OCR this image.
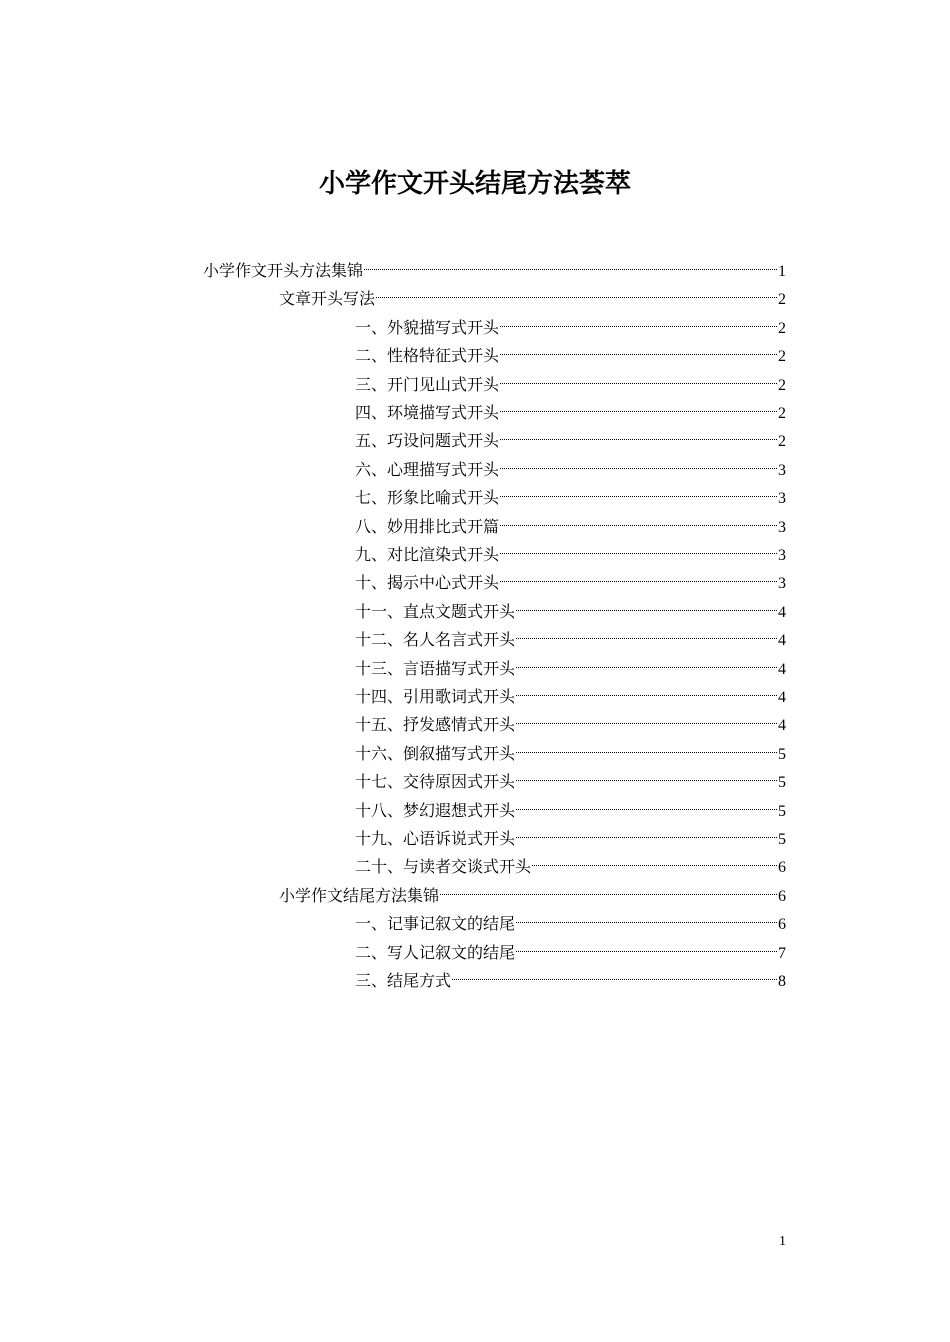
小学作文开头结尾方法荟萃
小学作文开头方法集锦	1
文章开头写法	2
一、外貌描写式开头	2
二、性格特征式开头	2
三、开门见山式开头	2
四、环境描写式开头	2
五、巧设问题式开头	2
六、心理描写式开头	3
七、形象比喻式开头	3
八、妙用排比式开篇	3
九、对比渲染式开头	3
十、揭示中心式开头	3
十一、直点文题式开头	4
十二、名人名言式开头	4
十三、言语描写式开头	4
十四、引用歌词式开头	4
十五、抒发感情式开头	4
十六、倒叙描写式开头	5
十七、交待原因式开头	5
十八、梦幻遐想式开头	5
十九、心语诉说式开头	5
二十、与读者交谈式开头	6
小学作文结尾方法集锦	6
一、记事记叙文的结尾	6
二、写人记叙文的结尾	7
三、结尾方式	8
1
